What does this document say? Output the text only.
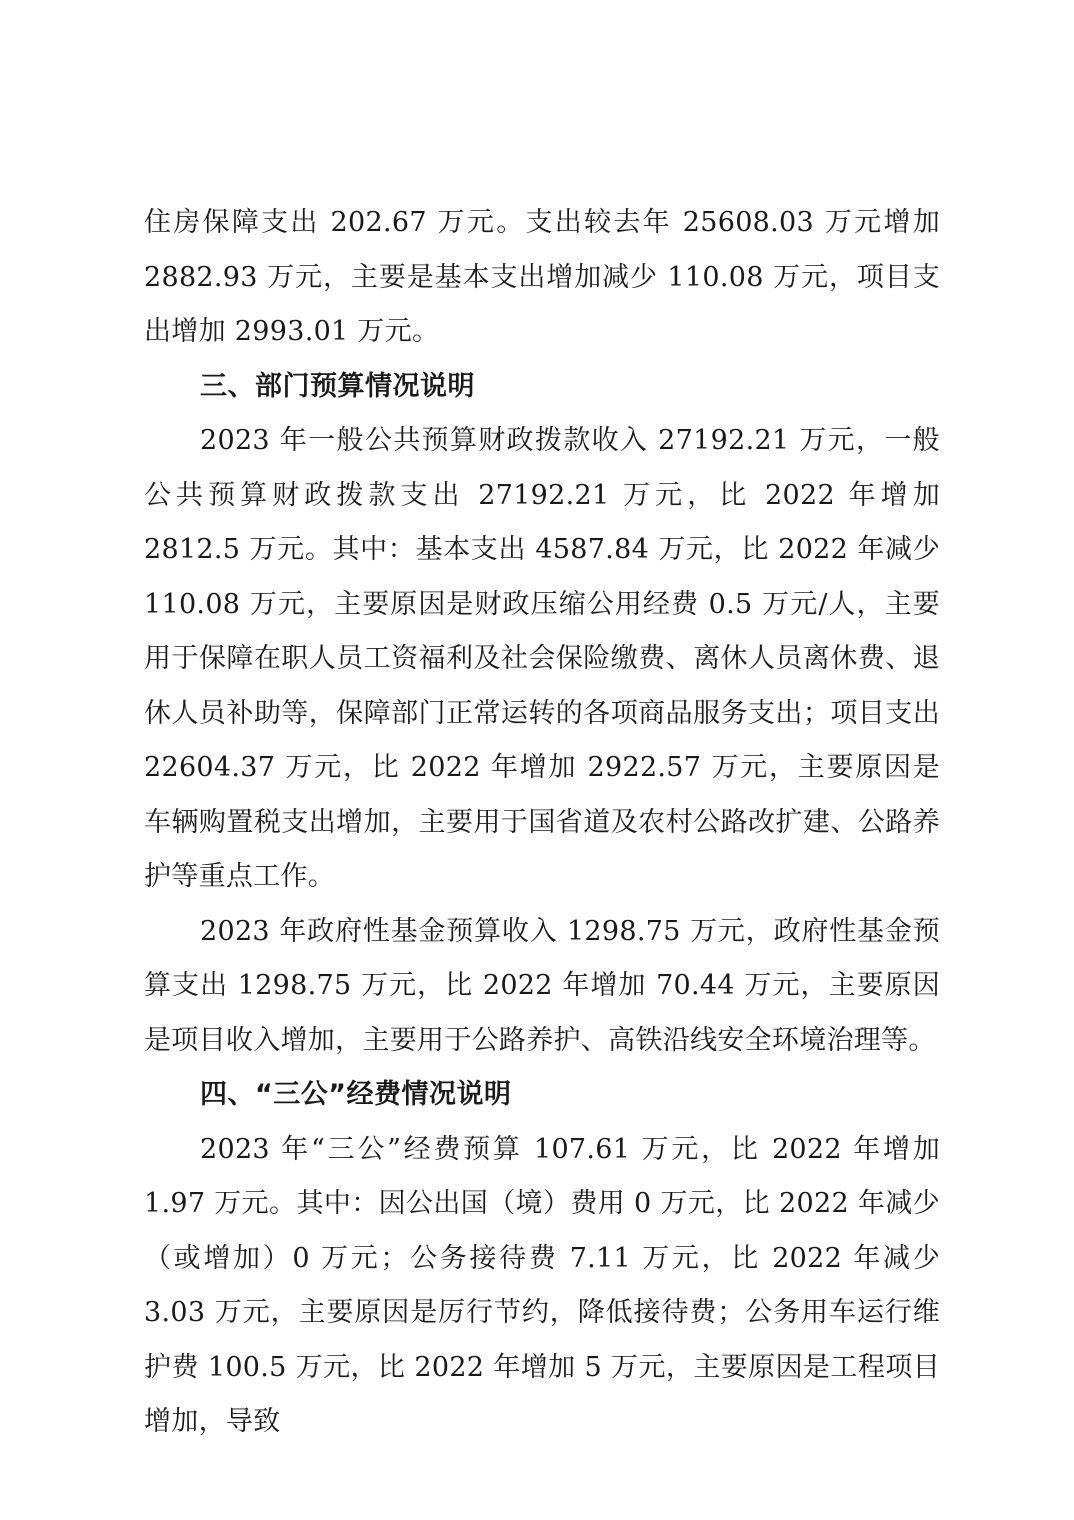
住房保障支出 202.67 万元。支出较去年 25608.03 万元增加 2882.93 万元，主要是基本支出增加减少 110.08 万元，项目支出增加 2993.01 万元。

三、部门预算情况说明

2023 年一般公共预算财政拨款收入 27192.21 万元，一般公共预算财政拨款支出 27192.21 万元，比 2022 年增加 2812.5 万元。其中：基本支出 4587.84 万元，比 2022 年减少 110.08 万元，主要原因是财政压缩公用经费 0.5 万元/人，主要用于保障在职人员工资福利及社会保险缴费、离休人员离休费、退休人员补助等，保障部门正常运转的各项商品服务支出；项目支出 22604.37 万元，比 2022 年增加 2922.57 万元，主要原因是车辆购置税支出增加，主要用于国省道及农村公路改扩建、公路养护等重点工作。

2023 年政府性基金预算收入 1298.75 万元，政府性基金预算支出 1298.75 万元，比 2022 年增加 70.44 万元，主要原因是项目收入增加，主要用于公路养护、高铁沿线安全环境治理等。

四、“三公”经费情况说明

2023 年“三公”经费预算 107.61 万元，比 2022 年增加 1.97 万元。其中：因公出国（境）费用 0 万元，比 2022 年减少（或增加）0 万元；公务接待费 7.11 万元，比 2022 年减少 3.03 万元，主要原因是厉行节约，降低接待费；公务用车运行维护费 100.5 万元，比 2022 年增加 5 万元，主要原因是工程项目增加，导致
